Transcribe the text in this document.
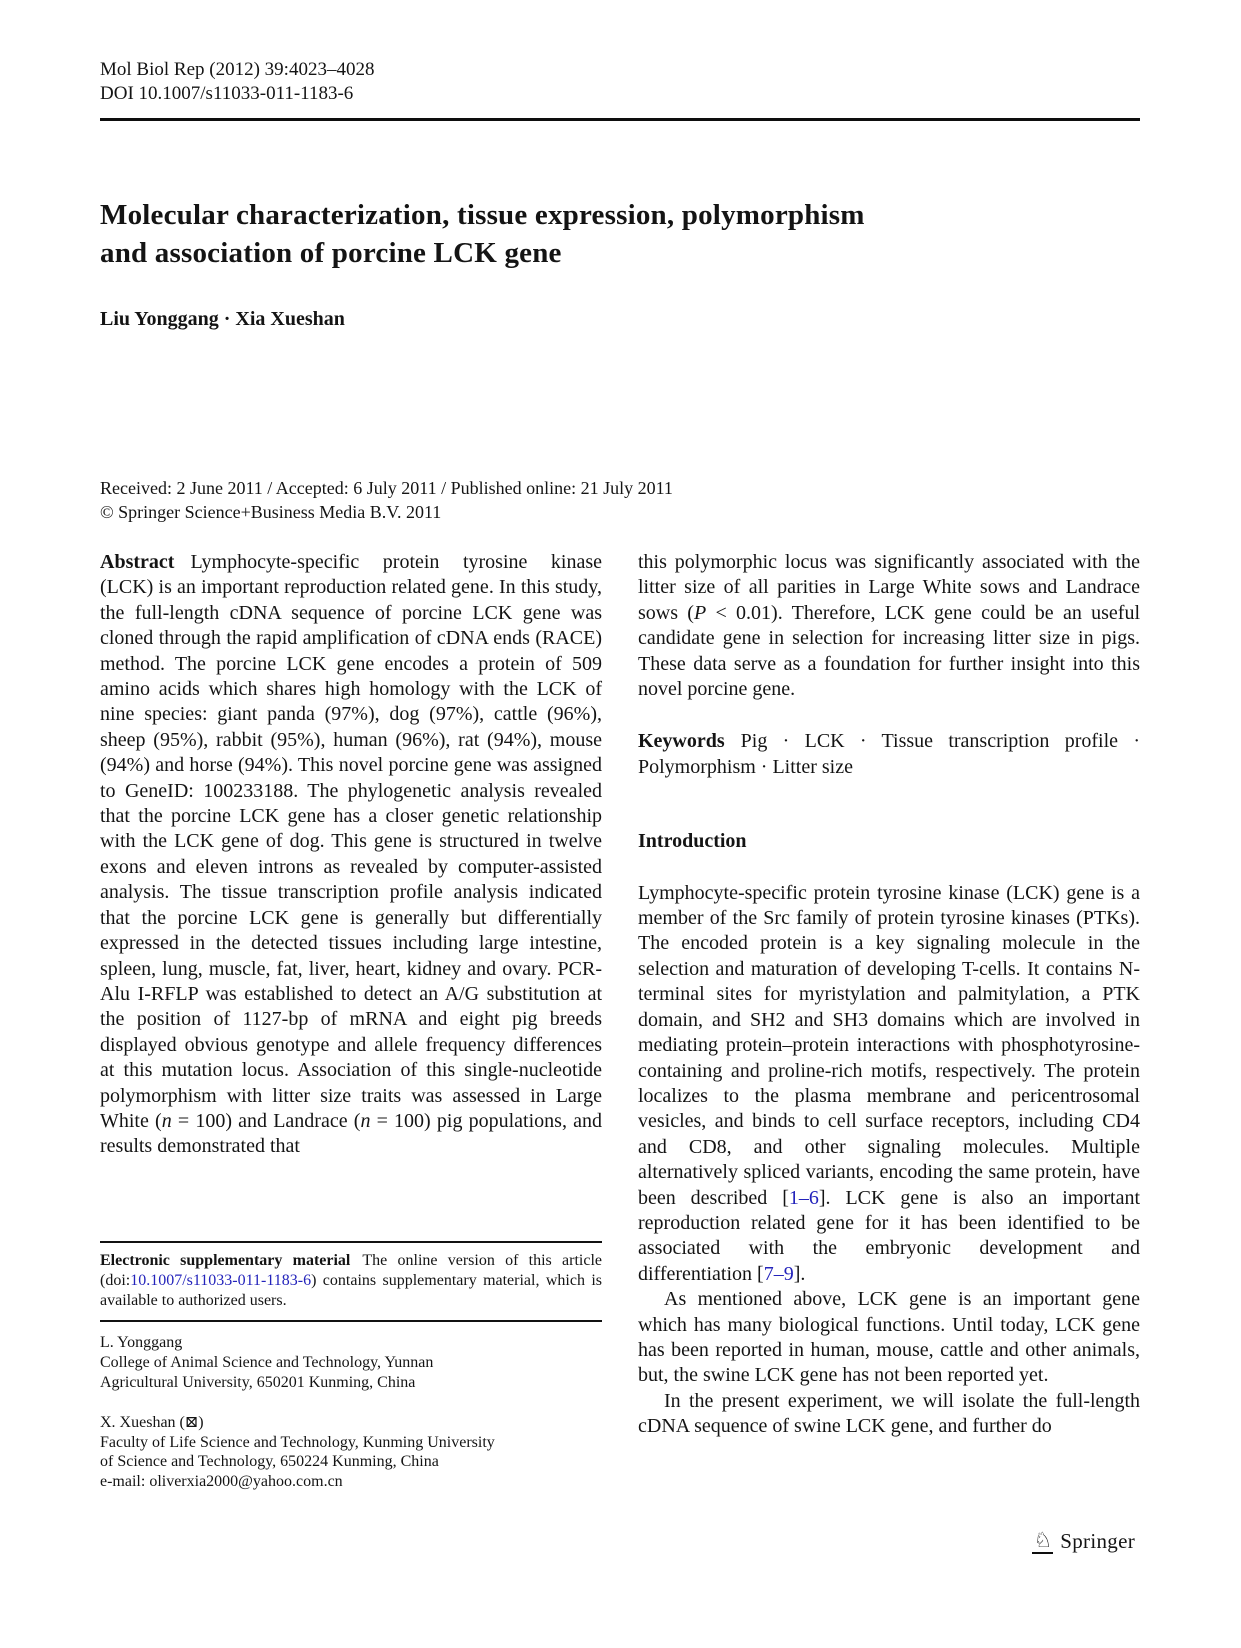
Mol Biol Rep (2012) 39:4023–4028
DOI 10.1007/s11033-011-1183-6
Molecular characterization, tissue expression, polymorphism
and association of porcine LCK gene
Liu Yonggang · Xia Xueshan
Received: 2 June 2011 / Accepted: 6 July 2011 / Published online: 21 July 2011
© Springer Science+Business Media B.V. 2011

Abstract Lymphocyte-specific protein tyrosine kinase (LCK) is an important reproduction related gene. In this study, the full-length cDNA sequence of porcine LCK gene was cloned through the rapid amplification of cDNA ends (RACE) method. The porcine LCK gene encodes a protein of 509 amino acids which shares high homology with the LCK of nine species: giant panda (97%), dog (97%), cattle (96%), sheep (95%), rabbit (95%), human (96%), rat (94%), mouse (94%) and horse (94%). This novel porcine gene was assigned to GeneID: 100233188. The phylogenetic analysis revealed that the porcine LCK gene has a closer genetic relationship with the LCK gene of dog. This gene is structured in twelve exons and eleven introns as revealed by computer-assisted analysis. The tissue transcription profile analysis indicated that the porcine LCK gene is generally but differentially expressed in the detected tissues including large intestine, spleen, lung, muscle, fat, liver, heart, kidney and ovary. PCR-Alu I-RFLP was established to detect an A/G substitution at the position of 1127-bp of mRNA and eight pig breeds displayed obvious genotype and allele frequency differences at this mutation locus. Association of this single-nucleotide polymorphism with litter size traits was assessed in Large White (n = 100) and Landrace (n = 100) pig populations, and results demonstrated that

Electronic supplementary material The online version of this article (doi:10.1007/s11033-011-1183-6) contains supplementary material, which is available to authorized users.

L. Yonggang
College of Animal Science and Technology, Yunnan
Agricultural University, 650201 Kunming, China
X. Xueshan (⊠)
Faculty of Life Science and Technology, Kunming University
of Science and Technology, 650224 Kunming, China
e-mail: oliverxia2000@yahoo.com.cn

this polymorphic locus was significantly associated with the litter size of all parities in Large White sows and Landrace sows (P < 0.01). Therefore, LCK gene could be an useful candidate gene in selection for increasing litter size in pigs. These data serve as a foundation for further insight into this novel porcine gene.

Keywords Pig · LCK · Tissue transcription profile · Polymorphism · Litter size

Introduction

Lymphocyte-specific protein tyrosine kinase (LCK) gene is a member of the Src family of protein tyrosine kinases (PTKs). The encoded protein is a key signaling molecule in the selection and maturation of developing T-cells. It contains N-terminal sites for myristylation and palmitylation, a PTK domain, and SH2 and SH3 domains which are involved in mediating protein–protein interactions with phosphotyrosine-containing and proline-rich motifs, respectively. The protein localizes to the plasma membrane and pericentrosomal vesicles, and binds to cell surface receptors, including CD4 and CD8, and other signaling molecules. Multiple alternatively spliced variants, encoding the same protein, have been described [1–6]. LCK gene is also an important reproduction related gene for it has been identified to be associated with the embryonic development and differentiation [7–9].

As mentioned above, LCK gene is an important gene which has many biological functions. Until today, LCK gene has been reported in human, mouse, cattle and other animals, but, the swine LCK gene has not been reported yet.

In the present experiment, we will isolate the full-length cDNA sequence of swine LCK gene, and further do

♘ Springer
